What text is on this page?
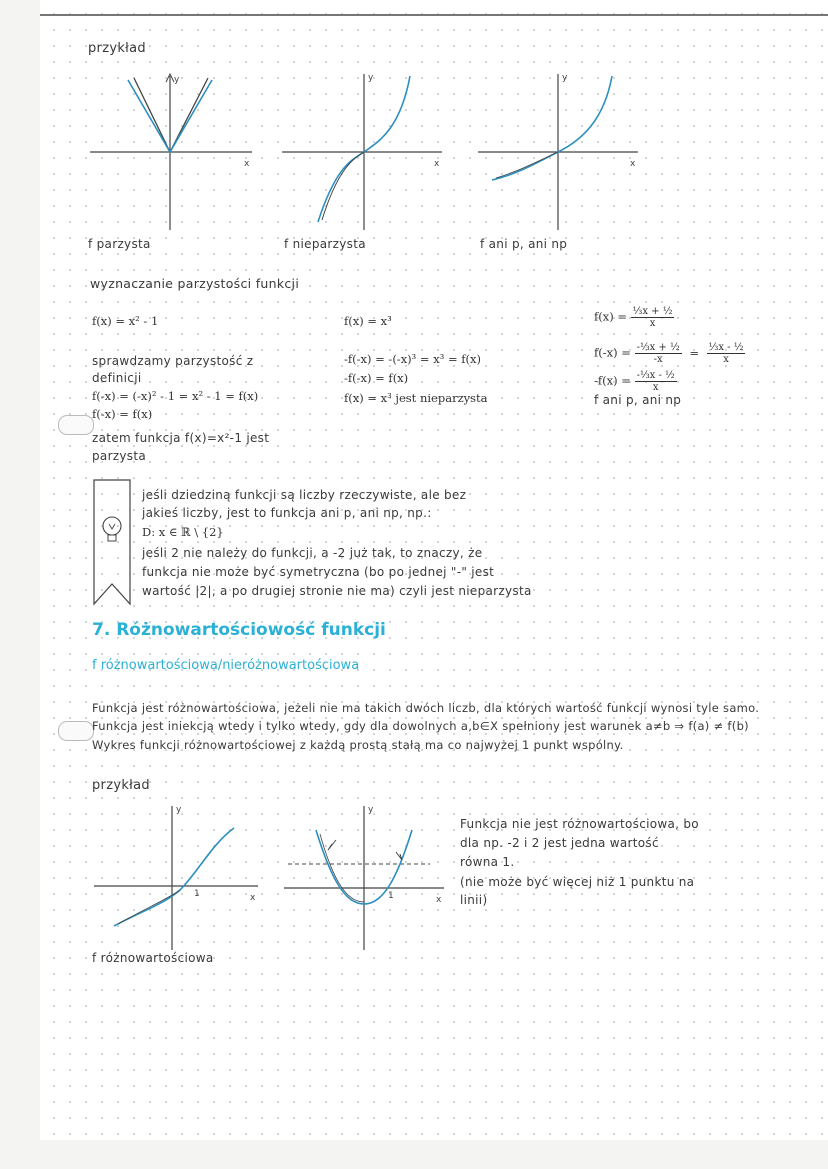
przykład
y
x
y
x
y
x
f parzysta	f nieparzysta	f ani p, ani np
wyznaczanie parzystości funkcji
f(x) = x² - 1
sprawdzamy parzystość z
definicji
f(-x) = (-x)² - 1 = x² - 1 = f(x)
f(-x) = f(x)
zatem funkcja f(x)=x²-1 jest
parzysta
f(x) = x³
-f(-x) = -(-x)³ = x³ = f(x)
-f(-x) = f(x)
f(x) = x³ jest nieparzysta
$f(x) = \frac{\text{⅓x + ½}}{x}$
$f(-x) = \frac{\text{-⅓x + ½}}{-x} = \frac{\text{⅓x - ½}}{x}$
$-f(x) = \frac{\text{-⅓x - ½}}{x}$
f ani p, ani np
jeśli dziedziną funkcji są liczby rzeczywiste, ale bez
jakieś liczby, jest to funkcja ani p, ani np, np.:
D: x ∈ ℝ \ {2}
jeśli 2 nie należy do funkcji, a -2 już tak, to znaczy, że
funkcja nie może być symetryczna (bo po jednej "-" jest
wartość |2|, a po drugiej stronie nie ma) czyli jest nieparzysta
7. Różnowartościowość funkcji
f różnowartościowa/nieróżnowartościowa
Funkcja jest różnowartościowa, jeżeli nie ma takich dwóch liczb, dla których wartość funkcji wynosi tyle samo.
Funkcja jest iniekcją wtedy i tylko wtedy, gdy dla dowolnych a,b∈X spełniony jest warunek a≠b ⇒ f(a) ≠ f(b)
Wykres funkcji różnowartościowej z każdą prostą stałą ma co najwyżej 1 punkt wspólny.
przykład
y
x
1
y
x
1
f różnowartościowa
Funkcja nie jest różnowartościowa, bo
dla np. -2 i 2 jest jedna wartość
równa 1.
(nie może być więcej niż 1 punktu na
linii)
